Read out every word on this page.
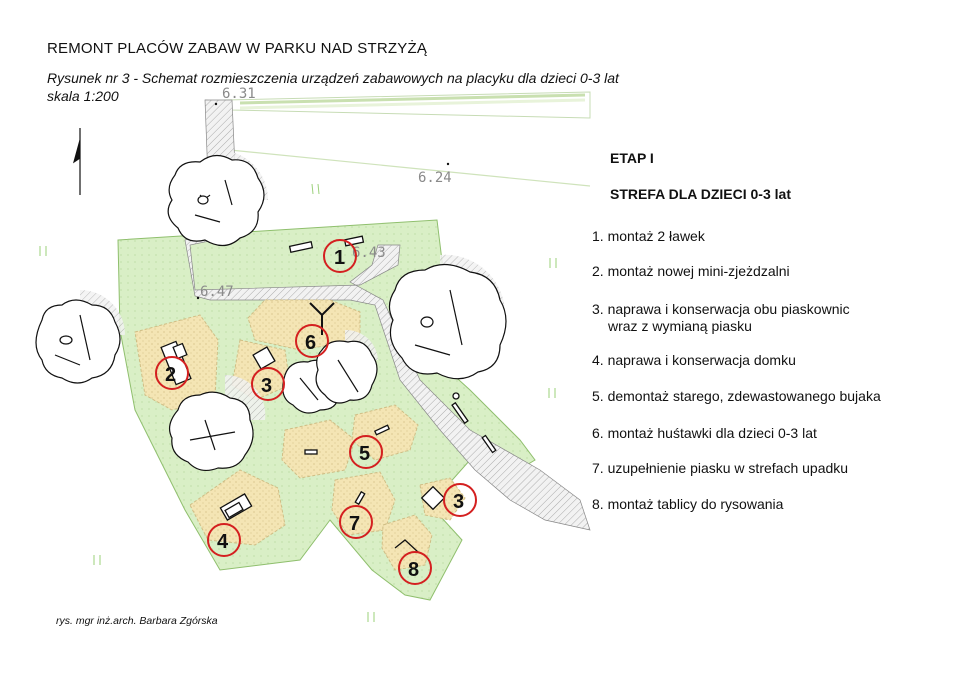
6.31
6.24
6.43
6.47
1
2	3
3
4
5
6
7
8
REMONT PLACÓW ZABAW W PARKU NAD STRZYŻĄ
Rysunek nr 3 - Schemat rozmieszczenia urządzeń zabawowych na placyku dla dzieci 0-3 lat
skala 1:200
ETAP I
STREFA DLA DZIECI 0-3 lat
1. montaż 2 ławek
2. montaż nowej mini-zjeżdzalni
3. naprawa i konserwacja obu piaskownic
wraz z wymianą piasku
4. naprawa i konserwacja domku
5. demontaż starego, zdewastowanego bujaka
6. montaż huśtawki dla dzieci 0-3 lat
7. uzupełnienie piasku w strefach upadku
8. montaż tablicy do rysowania
rys. mgr inż.arch. Barbara Zgórska
